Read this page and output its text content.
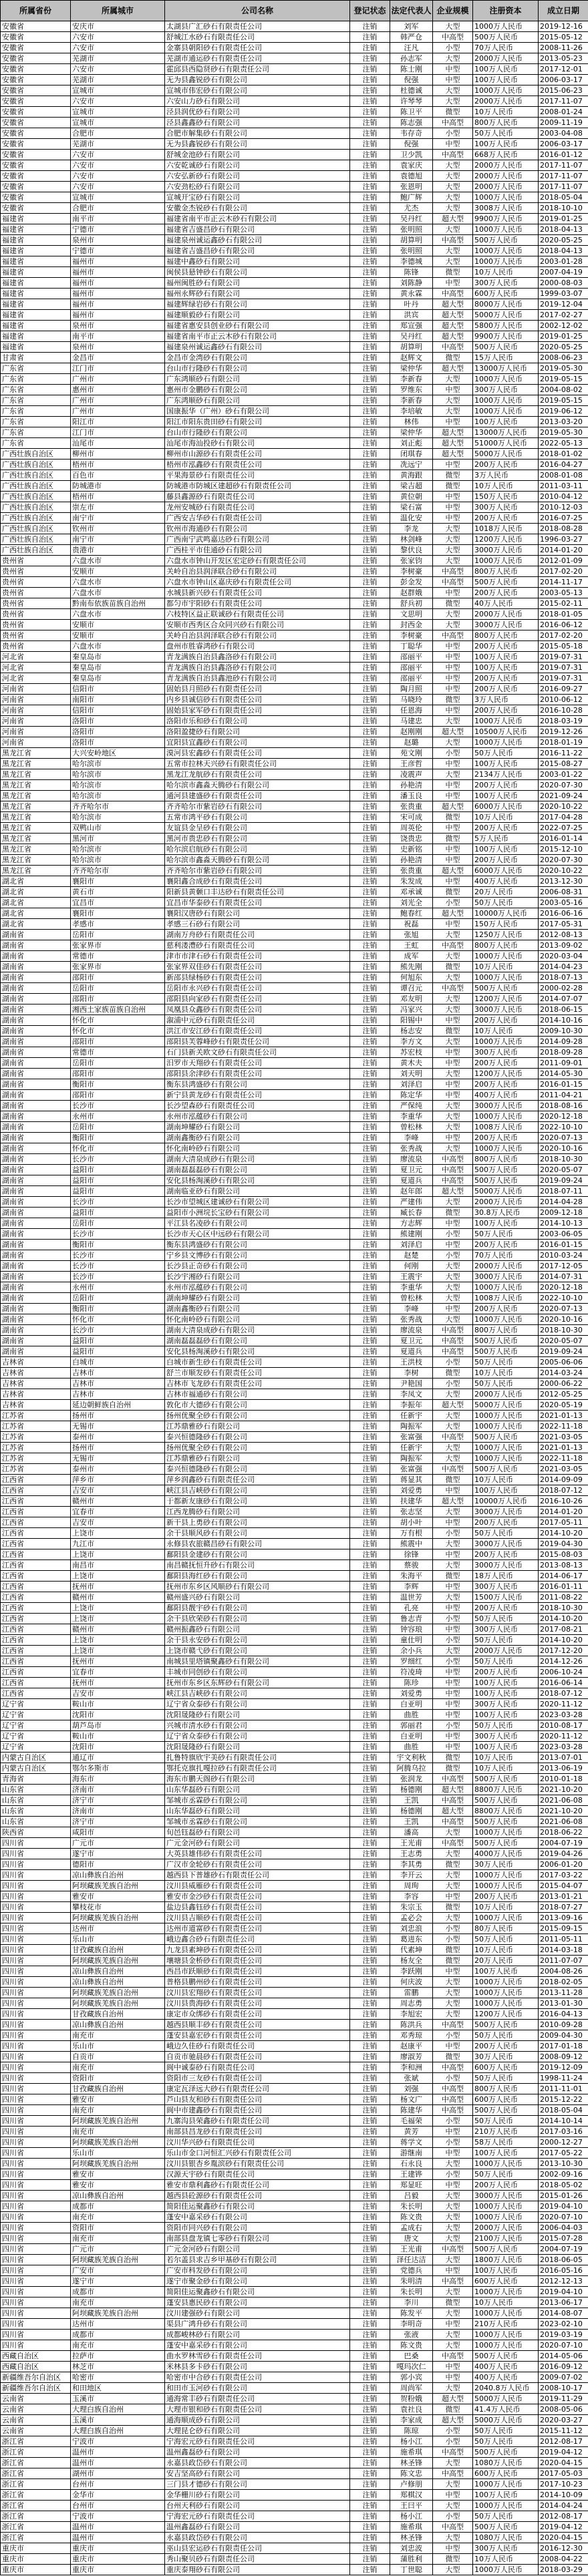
所属省份	所属城市	公司名称	登记状态	法定代表人	企业规模	注册资本	成立日期
安徽省	安庆市	太湖县广汇砂石有限责任公司	注销	刘军	大型	1000万人民币	2019-12-16
安徽省	六安市	舒城江水砂石有限责任公司	注销	韩严仓	中高型	500万人民币	2015-05-12
安徽省	六安市	金寨县朝阳砂石有限责任公司	注销	汪凡	小型	70万人民币	2008-11-26
安徽省	芜湖市	芜湖市通运砂石有限责任公司	注销	孙志军	大型	2000万人民币	2013-05-23
安徽省	六安市	霍邱县西隐贤砂石有限责任公司	注销	陈士刚	中型	100万人民币	2017-12-01
安徽省	芜湖市	无为县鑫锐砂石有限公司	注销	倪强	中型	100万人民币	2006-03-17
安徽省	宣城市	宣城市伟宏砂石有限公司	注销	杜德诚	大型	1000万人民币	2015-06-23
安徽省	六安市	六安山力砂石有限公司	注销	许琴琴	大型	2000万人民币	2017-11-07
安徽省	宣城市	泾县润优砂石有限公司	注销	陈卫平	微型	10万人民币	2008-01-24
安徽省	宣城市	泾县鑫鑫砂石有限公司	注销	陈志强	中高型	800万人民币	2009-11-19
安徽省	合肥市	合肥市解集砂石有限公司	注销	韦存奇	小型	50万人民币	2003-04-08
安徽省	芜湖市	无为县鑫锐砂石有限公司	注销	倪强	中型	100万人民币	2006-03-17
安徽省	六安市	舒城金池砂石有限公司	注销	卫少凯	中高型	668万人民币	2016-01-12
安徽省	六安市	六安乾诚砂石有限公司	注销	袁家庆	大型	2000万人民币	2017-11-07
安徽省	六安市	六安弘新砂石有限公司	注销	袁德旭	大型	2000万人民币	2017-11-07
安徽省	六安市	六安劲松砂石有限公司	注销	张恩明	大型	2000万人民币	2017-11-07
安徽省	宣城市	宣城开宝砂石有限公司	注销	鲍广辉	大型	1000万人民币	2018-05-04
安徽省	合肥市	安徽金杰锐砂石有限公司	注销	尤杰	大型	3008万人民币	2018-10-10
福建省	南平市	福建省南平市正云木砂石有限公司	注销	吴丹红	超大型	9900万人民币	2019-01-25
福建省	宁德市	福建省吉盛昌砂石有限公司	注销	张明照	大型	1000万人民币	2018-04-13
福建省	泉州市	福建泉州诚运鑫砂石有限公司	注销	胡算明	中高型	500万人民币	2020-05-25
福建省	宁德市	福建省吉盛昌砂石有限公司	注销	张明照	大型	1000万人民币	2018-04-13
福建省	福州市	福建中鑫砂石有限公司	注销	李德城	大型	1000万人民币	2003-01-28
福建省	福州市	闽侯县悬钟砂石有限公司	注销	陈锋	微型	10万人民币	2007-04-19
福建省	福州市	福州闽胜砂石有限公司	注销	刘陈静	中型	300万人民币	2000-08-03
福建省	福州市	福州永辉砂石有限公司	注销	黄永霖	中高型	600万人民币	1999-03-07
福建省	福州市	福建辉绿岩砂石有限公司	注销	叶丹	超大型	8000万人民币	2019-12-04
福建省	福州市	福建顺毅砂石有限公司	注销	洪宾	超大型	5000万人民币	2017-02-27
福建省	泉州市	福建省惠安县创业砂石有限公司	注销	郑宣强	超大型	5800万人民币	2002-12-02
福建省	南平市	福建省南平市正云木砂石有限公司	注销	吴丹红	超大型	9900万人民币	2019-01-25
福建省	泉州市	福建泉州诚运鑫砂石有限公司	注销	胡算明	中高型	500万人民币	2020-05-25
甘肃省	金昌市	金昌市金湾砂石有限公司	注销	赵辉文	微型	15万人民币	2008-06-23
广东省	江门市	台山市行隆砂石有限公司	注销	梁仲华	超大型	13000万人民币	2019-05-30
广东省	广州市	广东鸿顺砂石有限公司	注销	李新春	大型	1000万人民币	2019-05-15
广东省	惠州市	惠州市金鹏砂石有限公司	注销	罗维东	中型	300万人民币	2004-08-02
广东省	广州市	广东鸿顺砂石有限公司	注销	李新春	大型	1000万人民币	2019-05-15
广东省	广州市	国康振华（广州）砂石有限公司	注销	李培敏	大型	1000万人民币	2019-06-12
广东省	阳江市	阳江市阳东贵田砂石有限公司	注销	林伟	中型	100万人民币	2013-03-20
广东省	江门市	台山市行隆砂石有限公司	注销	梁仲华	超大型	13000万人民币	2019-05-30
广东省	汕尾市	汕尾市海汕投砂石有限公司	注销	刘正彪	超大型	51000万人民币	2022-05-13
广西壮族自治区	柳州市	柳州市山源砂石有限责任公司	注销	闭琪春	超大型	5000万人民币	2018-01-02
广西壮族自治区	梧州市	梧州市泓鑫砂石有限责任公司	注销	冼远宁	中型	200万人民币	2016-04-27
广西壮族自治区	百色市	平果海景砂石有限责任公司	注销	黄海跟	微型	3万人民币	2008-01-08
广西壮族自治区	防城港市	防城港市防城区建超砂石有限责任公司	注销	梁吉超	微型	10万人民币	2011-03-11
广西壮族自治区	梧州市	藤县鑫源砂石有限责任公司	注销	黄位朝	中型	150万人民币	2010-04-12
广西壮族自治区	崇左市	龙州安城砂石有限责任公司	注销	梁石富	中型	300万人民币	2010-12-03
广西壮族自治区	南宁市	广西安吉华砂石有限责任公司	注销	温化安	中型	200万人民币	2016-07-25
广西壮族自治区	钦州市	钦州市海通砂石有限公司	注销	李龙	大型	1018万人民币	2018-08-28
广西壮族自治区	南宁市	广西南宁武鸣嘉达砂石有限公司	注销	林剑峰	大型	1200万人民币	1996-03-27
广西壮族自治区	贵港市	广西桂平市佳通砂石有限公司	注销	黎伏良	大型	3000万人民币	2014-01-20
贵州省	六盘水市	六盘水市钟山开发区宏定砂石有限责任公司	注销	张家钧	大型	1000万人民币	2012-01-09
贵州省	安顺市	关岭自治县润泽联合砂石有限公司	注销	李树豪	中高型	800万人民币	2017-02-20
贵州省	六盘水市	六盘水市钟山区嘉庆砂石有限责任公司	注销	彭金发	中高型	500万人民币	2014-11-17
贵州省	六盘水市	水城县新兴砂石有限责任公司	注销	赵群娥	中型	200万人民币	2003-05-13
贵州省	黔南布依族苗族自治州	都匀市宇阳砂石有限责任公司	注销	舒兵初	微型	40万人民币	2015-02-11
贵州省	六盘水市	六枝特区益正联诚砂石有限责任公司	注销	文思明	大型	2000万人民币	2018-01-05
贵州省	安顺市	安顺市西秀区合众同兴砂石有限公司	注销	封西金	大型	3000万人民币	2016-06-12
贵州省	安顺市	关岭自治县润泽联合砂石有限公司	注销	李树豪	中高型	800万人民币	2017-02-20
贵州省	六盘水市	盘州市胜睿鸿砂石有限公司	注销	丁聪华	中型	200万人民币	2015-05-18
河北省	秦皇岛市	青龙满族自治县鑫洛砂石有限公司	注销	邵丽平	中型	100万人民币	2019-07-31
河北省	秦皇岛市	青龙满族自治县鑫洛砂石有限公司	注销	邵丽平	中型	100万人民币	2019-07-31
河北省	秦皇岛市	青龙满族自治县鑫池砂石有限公司	注销	邵丽平	中型	200万人民币	2019-07-31
河南省	信阳市	固始县月照砂石有限责任公司	注销	陶月照	中型	200万人民币	2016-09-27
河南省	南阳市	内乡县诚信砂石有限责任公司	注销	马晓玲	微型	3万人民币	2010-06-12
河南省	信阳市	固始县家军砂石有限责任公司	注销	任恩海	中型	200万人民币	2016-10-28
河南省	洛阳市	洛阳市乐和砂石有限公司	注销	马建忠	大型	1000万人民币	2018-03-19
河南省	洛阳市	洛阳盈捷砂石有限公司	注销	赵刚刚	超大型	10500万人民币	2019-12-26
河南省	洛阳市	宜阳县宜鑫砂石有限公司	注销	赵璐	大型	1000万人民币	2018-01-19
黑龙江省	大兴安岭地区	漠河县宏鑫砂石有限责任公司	注销	苑文刚	小型	50万人民币	2016-11-22
黑龙江省	哈尔滨市	五常市拉林天兴砂石有限责任公司	注销	王彦哲	中型	100万人民币	2015-08-27
黑龙江省	哈尔滨市	黑龙江龙航砂石有限责任公司	注销	凌震声	大型	2134万人民币	2003-01-22
黑龙江省	哈尔滨市	哈尔滨市鑫淼天腾砂石有限公司	注销	孙艳清	中型	200万人民币	2020-07-30
黑龙江省	哈尔滨市	通河县建盛砂石有限责任公司	注销	潘玉良	中型	100万人民币	2021-09-24
黑龙江省	齐齐哈尔市	齐齐哈尔市紫岩砂石有限公司	注销	张贵重	超大型	6000万人民币	2020-10-22
黑龙江省	哈尔滨市	五常市鸿平砂石有限公司	注销	宋可成	微型	10万人民币	2017-04-28
黑龙江省	双鸭山市	友谊县金呈砂石有限公司	注销	周英伦	中型	200万人民币	2022-07-25
黑龙江省	黑河市	黑河市贵忠砂石有限公司	注销	饶贵忠	微型	5万人民币	2016-01-14
黑龙江省	哈尔滨市	哈尔滨启航砂石有限公司	注销	史新铭	中型	100万人民币	2015-12-10
黑龙江省	哈尔滨市	哈尔滨市鑫淼天腾砂石有限公司	注销	孙艳清	中型	200万人民币	2020-07-30
黑龙江省	齐齐哈尔市	齐齐哈尔市紫岩砂石有限公司	注销	张贵重	超大型	6000万人民币	2020-10-22
湖北省	襄阳市	襄阳鑫合成砂石有限责任公司	注销	朱发成	中型	400万人民币	2013-12-30
湖北省	黄石市	阳新县黄颡口丰达砂石有限责任公司	注销	邓承诚	微型	20万人民币	2006-08-31
湖北省	宜昌市	宜昌市华泰砂石有限责任公司	注销	刘光全	小型	50万人民币	2003-05-16
湖北省	襄阳市	襄阳汉唐砂石有限公司	注销	鲍春红	超大型	10000万人民币	2016-06-16
湖北省	孝感市	孝感三石砂石有限公司	注销	祝磊	中型	150万人民币	2017-05-31
湖南省	岳阳市	湖南万舟砂石有限责任公司	注销	张旭	大型	1250万人民币	2012-08-13
湖南省	张家界市	慈利溇澧砂石有限责任公司	注销	王虹	中高型	800万人民币	2013-09-02
湖南省	常德市	津市市津石砂石有限责任公司	注销	成军	大型	1000万人民币	2020-03-04
湖南省	张家界市	张家界双佳砂石有限责任公司	注销	熊先刚	微型	10万人民币	2014-04-23
湖南省	邵阳市	新邵县绿杨砂石有限责任公司	注销	何旭东	大型	1000万人民币	2018-07-13
湖南省	岳阳市	岳阳市永兴砂石有限责任公司	注销	谭召元	中高型	500万人民币	2000-02-28
湖南省	邵阳市	邵阳县向家砂石有限责任公司	注销	邓友明	大型	1200万人民币	2014-07-07
湖南省	湘西土家族苗族自治州	凤凰县众鑫砂石有限责任公司	注销	冯家兴	大型	3000万人民币	2018-06-15
湖南省	怀化市	溆浦中元砂石有限责任公司	注销	阳锡中	中型	200万人民币	2014-10-16
湖南省	怀化市	洪江市安江砂石有限责任公司	注销	杨志安	微型	10万人民币	2009-10-30
湖南省	邵阳市	邵阳县芙蓉峰砂石有限责任公司	注销	李方文	大型	1000万人民币	2014-09-28
湖南省	常德市	石门县新关欧文砂石有限责任公司	注销	苏宏枝	中型	300万人民币	2018-09-28
湖南省	岳阳市	汨罗市天翔砂石有限责任公司	注销	黄木夫	中型	200万人民币	2011-09-01
湖南省	邵阳市	邵阳县余津砂石有限责任公司	注销	刘天明	大型	1200万人民币	2014-05-30
湖南省	衡阳市	衡东县鸿盛砂石有限公司	注销	刘泽启	中型	200万人民币	2016-01-15
湖南省	邵阳市	新宁县黄龙砂石有限责任公司	注销	陈定华	中型	400万人民币	2011-04-21
湖南省	长沙市	长沙望森砂石有限责任公司	注销	严保纯	大型	3000万人民币	2018-08-16
湖南省	永州市	永州市泓蕴砂石有限公司	注销	李重华	大型	1000万人民币	2020-12-18
湖南省	岳阳市	湖南坤耀砂石有限公司	注销	曾松林	大型	1008万人民币	2022-10-10
湖南省	衡阳市	湖南鑫衡砂石有限公司	注销	李峰	中型	200万人民币	2020-07-13
湖南省	怀化市	怀化南岭砂石有限公司	注销	张秀战	大型	1000万人民币	2020-10-16
湖南省	长沙市	湖南大清泉成砂石有限公司	注销	廖流泉	中高型	800万人民币	2018-10-30
湖南省	益阳市	湖南磊磊磊砂石有限公司	注销	夏卫元	中高型	500万人民币	2020-05-07
湖南省	益阳市	安化县杨淘溪砂石有限公司	注销	夏道兵	中高型	500万人民币	2019-09-24
湖南省	益阳市	湖南临亚砂石有限公司	注销	赵年郎	超大型	5000万人民币	2018-07-11
湖南省	长沙市	长沙市望城区建诚砂石有限公司	注销	严建伟	大型	2000万人民币	2014-04-28
湖南省	益阳市	益阳市小洲垸长宝砂石有限公司	注销	臧长春	微型	30.8万人民币	2009-12-18
湖南省	岳阳市	平江县名凌砂石有限公司	注销	方志辉	中型	100万人民币	2014-10-13
湖南省	长沙市	长沙市天心区中远砂石有限公司	注销	熊建刚	小型	50万人民币	2003-06-05
湖南省	衡阳市	衡东县鸿盛砂石有限公司	注销	刘泽启	中型	200万人民币	2016-01-15
湖南省	长沙市	宁乡县文博砂石有限公司	注销	赵楚	小型	70万人民币	2010-03-24
湖南省	长沙市	长沙县正奇砂石有限公司	注销	何刚	大型	2000万人民币	2017-12-05
湖南省	长沙市	长沙宇湘砂石有限公司	注销	王震宇	大型	3000万人民币	2014-07-31
湖南省	永州市	永州市泓蕴砂石有限公司	注销	李重华	大型	1000万人民币	2020-12-18
湖南省	岳阳市	湖南坤耀砂石有限公司	注销	曾松林	大型	1008万人民币	2022-10-10
湖南省	衡阳市	湖南鑫衡砂石有限公司	注销	李峰	中型	200万人民币	2020-07-13
湖南省	怀化市	怀化南岭砂石有限公司	注销	张秀战	大型	1000万人民币	2020-10-16
湖南省	长沙市	湖南大清泉成砂石有限公司	注销	廖流泉	中高型	800万人民币	2018-10-30
湖南省	益阳市	湖南磊磊磊砂石有限公司	注销	夏卫元	中高型	500万人民币	2020-05-07
湖南省	益阳市	安化县杨淘溪砂石有限公司	注销	夏道兵	中高型	500万人民币	2019-09-24
吉林省	白城市	白城市新生砂石有限责任公司	注销	王洪枝	小型	50万人民币	2005-06-06
吉林省	吉林市	舒兰市顺发砂石有限责任公司	注销	李树	微型	10万人民币	2014-03-24
吉林省	吉林市	吉林市飞龙砂石有限责任公司	注销	尹艳国	小型	50万人民币	2000-06-22
吉林省	吉林市	吉林市福通砂石有限公司	注销	李凤文	大型	2000万人民币	2012-05-25
吉林省	延边朝鲜族自治州	敦化市大德砂石有限公司	注销	李振年	超大型	5000万人民币	2020-05-19
江苏省	扬州市	扬州优聚全砂石有限公司	注销	任新宇	大型	1000万人民币	2021-01-13
江苏省	无锡市	江苏鼎雅砂石有限公司	注销	陶振军	大型	1000万人民币	2022-11-18
江苏省	泰州市	泰兴恒德隆砂石有限公司	注销	张富强	中高型	500万人民币	2021-03-05
江苏省	扬州市	扬州优聚全砂石有限公司	注销	任新宇	大型	1000万人民币	2021-01-13
江苏省	无锡市	江苏鼎雅砂石有限公司	注销	陶振军	大型	1000万人民币	2022-11-18
江苏省	泰州市	泰兴恒德隆砂石有限公司	注销	张富强	中高型	500万人民币	2021-03-05
江西省	萍乡市	萍乡润鑫砂石有限责任公司	注销	蒋显其	微型	10万人民币	2014-09-09
江西省	吉安市	峡江县吉峡砂石有限公司	注销	刘爱勇	中型	100万人民币	2018-07-12
江西省	赣州市	于都新友康砂石有限公司	注销	扶建华	超大型	10000万人民币	2016-10-26
江西省	宜春市	江西龙腾砂石有限公司	注销	张志坚	大型	3000万人民币	2014-01-20
江西省	吉安市	新干县上勇砂石有限公司	注销	胡小叶	中型	200万人民币	2017-05-11
江西省	上饶市	余干县顺风砂石有限公司	注销	万有根	小型	50万人民币	2014-10-20
江西省	九江市	永修县农旅赣昌砂石有限公司	注销	熊震中	大型	3000万人民币	2019-04-30
江西省	上饶市	鄱阳县金建砂石有限公司	注销	徐锋	中型	200万人民币	2015-08-03
江西省	南昌市	南昌赣抚恒升砂石有限公司	注销	蔡骏	大型	3000万人民币	2013-08-13
江西省	上饶市	鄱阳县海红砂石有限公司	注销	朱海平	微型	18万人民币	2014-06-17
江西省	抚州市	抚州市东乡区风顺砂石有限公司	注销	李辉	中型	300万人民币	2016-01-11
江西省	赣州市	赣州盛兴砂石有限公司	注销	温世芳	大型	1500万人民币	2011-08-22
江西省	上饶市	鄱阳县靓宇砂石有限公司	注销	孔亮	中型	200万人民币	2018-10-30
江西省	上饶市	余干县欣荣砂石有限公司	注销	鲁志青	小型	50万人民币	2014-10-20
江西省	赣州市	赣州振鑫砂石有限公司	注销	钟容琅	中型	300万人民币	2017-08-21
江西省	上饶市	余干县永安砂石有限公司	注销	童仕明	小型	50万人民币	2014-10-20
江西省	上饶市	上饶市赣弋砂石有限公司	注销	余小兵	大型	2000万人民币	2017-12-20
江西省	抚州市	南城县里塔镇聚鑫砂石有限公司	注销	罗细红	小型	50万人民币	2014-12-26
江西省	宜春市	丰城市同创砂石有限公司	注销	符凌琦	中型	200万人民币	2006-10-24
江西省	抚州市	抚州市东乡区东辉砂石有限公司	注销	陈珍	中型	100万人民币	2016-06-14
江西省	吉安市	峡江县吉峡砂石有限公司	注销	刘爱勇	中型	100万人民币	2018-07-12
辽宁省	鞍山市	辽宁省众泰砂石有限公司	注销	白亚明	中型	300万人民币	2020-11-12
辽宁省	沈阳市	沈阳晟隆砂石有限公司	注销	曲胜	中型	100万人民币	2023-03-28
辽宁省	葫芦岛市	兴城市清水砂石有限公司	注销	郭丽君	小型	50万人民币	2010-08-17
辽宁省	鞍山市	辽宁省众泰砂石有限公司	注销	白亚明	中型	300万人民币	2020-11-12
辽宁省	沈阳市	沈阳晟隆砂石有限公司	注销	曲胜	中型	100万人民币	2023-03-28
内蒙古自治区	通辽市	扎鲁特旗欣宇美砂石有限责任公司	注销	宇文利秋	微型	10万人民币	2013-07-01
内蒙古自治区	鄂尔多斯市	鄂托克旗扎嘎拉砂石有限责任公司	注销	阿腾乌拉	微型	10万人民币	2013-06-19
青海省	海东市	海东市鹏天阁砂石有限公司	注销	张润龙	中高型	500万人民币	2010-01-18
山东省	济南市	山东华磊砂石有限公司	注销	杨德刚	超大型	8800万人民币	2021-10-20
山东省	济宁市	邹城市丞霖砂石有限公司	注销	王凯	中高型	500万人民币	2021-06-08
山东省	济南市	山东华磊砂石有限公司	注销	杨德刚	超大型	8800万人民币	2021-10-20
山东省	济宁市	邹城市丞霖砂石有限公司	注销	王凯	中高型	500万人民币	2021-06-08
陕西省	咸阳市	旬邑钰磊砂石有限公司	注销	潘高	大型	1000万人民币	2018-06-22
四川省	广元市	广元金河砂石有限公司	注销	王光甫	中高型	500万人民币	2004-07-19
四川省	遂宁市	大英县雄伟砂石有限责任公司	注销	王志勇	大型	4000万人民币	2019-04-26
四川省	德阳市	广汉市金轮砂石有限责任公司	注销	李其勇	微型	30万人民币	2006-01-20
四川省	凉山彝族自治州	越西县下普雄砂石有限责任公司	注销	李开云	大型	1000万人民币	2017-03-22
四川省	阿坝藏族羌族自治州	汶川县威雁砂石有限责任公司	注销	周珣	大型	1000万人民币	2015-04-07
四川省	雅安市	雅安市金沙砂石有限责任公司	注销	李容	中型	200万人民币	2013-01-21
四川省	攀枝花市	盐边县鑫钰砂石有限责任公司	注销	朱宗玉	微型	10万人民币	2018-07-27
四川省	阿坝藏族羌族自治州	汶川县吉顺砂石有限责任公司	注销	孟必会	大型	1000万人民币	2013-09-16
四川省	达州市	达州市道富砂石有限责任公司	注销	刘忠浪	小型	80万人民币	2015-09-15
四川省	乐山市	峨边鑫合砂石有限责任公司	注销	葛进东	小型	50万人民币	2011-05-11
四川省	甘孜藏族自治州	九龙县素坤砂石有限责任公司	注销	代素坤	微型	10万人民币	2014-03-18
四川省	阿坝藏族羌族自治州	壤塘县金桥砂石有限责任公司	注销	杨友全	微型	20万人民币	2011-07-07
四川省	凉山彝族自治州	西昌市跃顺砂石有限责任公司	注销	李跃刚	中型	100万人民币	2004-08-26
四川省	凉山彝族自治州	普格县鹏州砂石有限责任公司	注销	何庆波	大型	1000万人民币	2018-02-05
四川省	阿坝藏族羌族自治州	汶川县宏翔砂石有限责任公司	注销	雷鹏	大型	1000万人民币	2013-11-28
四川省	阿坝藏族羌族自治州	汶川县贵海砂石有限责任公司	注销	周志勇	大型	1000万人民币	2013-01-30
四川省	甘孜藏族自治州	康定市众绑砂石有限责任公司	注销	李旭宏	大型	1200万人民币	2016-04-13
四川省	凉山彝族自治州	越西县顺丰砂石有限责任公司	注销	陈洪兵	中高型	500万人民币	2010-09-28
四川省	南充市	蓬安县嘉宏砂石有限责任公司	注销	邓秀琼	小型	50万人民币	2009-04-30
四川省	乐山市	峨边久佳砂石有限责任公司	注销	赵康平	中型	200万人民币	2017-01-18
四川省	自贡市	自贡市驰晨砂石有限责任公司	注销	廖淑芳	微型	30万人民币	2008-09-12
四川省	南充市	阆中诚泰砂石有限责任公司	注销	李和洲	中高型	600万人民币	2019-12-09
四川省	资阳市	资阳市三友砂石有限责任公司	注销	张斌	小型	50万人民币	1998-11-24
四川省	甘孜藏族自治州	康定瓦泽远大砂石有限责任公司	注销	刘强	中高型	800万人民币	2011-11-01
四川省	雅安市	芦山县友和砂石有限责任公司	注销	杨文广	中高型	600万人民币	2015-12-22
四川省	南充市	阆中市建鑫砂石有限责任公司	注销	陈建华	中高型	500万人民币	2018-05-04
四川省	阿坝藏族羌族自治州	九寨沟县荣鑫砂石有限责任公司	注销	毛福荣	小型	50万人民币	2014-10-14
四川省	南充市	南部县昌龙砂石有限责任公司	注销	黄芳	中型	210万人民币	2017-03-16
四川省	阿坝藏族羌族自治州	汶川华兴砂石有限责任公司	注销	蒋学文	小型	58万人民币	2000-12-27
四川省	乐山市	乐山市金口河恒汇兴砂石有限责任公司	注销	游继南	中型	100万人民币	2017-05-22
四川省	阿坝藏族羌族自治州	汶川县银杏乡胤滨砂石有限责任公司	注销	石永良	大型	1000万人民币	2013-10-30
四川省	雅安市	汉源天宇砂石有限责任公司	注销	王建铧	小型	50万人民币	2002-09-16
四川省	雅安市	雅安市鼎利鑫砂石有限责任公司	注销	郑显旺	中型	200万人民币	2018-05-02
四川省	凉山彝族自治州	越西县砼源砂石有限责任公司	注销	吕毅	大型	3000万人民币	2015-01-26
四川省	成都市	简阳佳运聚鑫砂石有限公司	注销	朱长明	大型	1000万人民币	2019-04-10
四川省	南充市	蓬安中嘉采砂石有限公司	注销	陈文贵	大型	1000万人民币	2020-07-10
四川省	资阳市	资阳市同兴砂石有限公司	注销	孟成右	大型	2000万人民币	2006-04-03
四川省	南充市	南部县盘龙镇七零砂石有限公司	注销	唐文	大型	2100万人民币	2015-07-28
四川省	广元市	广元金河砂石有限公司	注销	王光甫	中高型	500万人民币	2004-07-19
四川省	阿坝藏族羌族自治州	若尔盖县求吉乡甲基砂石有限公司	注销	泽任达洁	大型	1800万人民币	2018-06-05
四川省	广安市	广安市科发砂石有限公司	注销	党德兵	中型	100万人民币	2016-05-16
四川省	遂宁市	遂宁市聚金砂石有限公司	注销	朱明清	中高型	600万人民币	2012-12-13
四川省	成都市	简阳佳运聚鑫砂石有限公司	注销	朱长明	大型	1000万人民币	2019-04-10
四川省	南充市	蓬安县惠民砂石有限公司	注销	李川	微型	10万人民币	2013-06-17
四川省	阿坝藏族羌族自治州	汶川建强砂石有限公司	注销	陈发平	大型	1000万人民币	2014-08-07
四川省	达州市	渠县广鸿升砂石有限公司	注销	李明奇	中型	210万人民币	2023-02-10
四川省	成都市	成都峻林砂石有限公司	注销	张液	大型	1000万人民币	2019-03-19
四川省	南充市	蓬安中嘉采砂石有限公司	注销	陈文贵	大型	1000万人民币	2020-07-10
西藏自治区	拉萨市	曲水罗林雪砂石有限责任公司	注销	巴桑	中高型	500万人民币	2014-05-06
西藏自治区	林芝市	米林县多卡砂石有限公司	注销	嘎玛次仁	中型	400万人民币	2016-09-12
新疆维吾尔自治区	哈密市	哈密市中合砂石有限责任公司	注销	郭小宾	中型	400万人民币	2009-07-02
新疆维吾尔自治区	和田地区	和田市玉河砂石有限公司	注销	周尚军	大型	2040.8万人民币	2008-10-17
云南省	玉溪市	通海常丰砂石有限责任公司	注销	贺粉娥	超大型	5000万人民币	2019-11-29
云南省	大理白族自治州	大理市银和砂石有限责任公司	注销	袁社良	微型	41.4万人民币	2008-05-06
云南省	玉溪市	通海顺成砂石有限公司	注销	李家成	超大型	5000万人民币	2020-03-27
云南省	大理白族自治州	大理昆仑砂石有限公司	注销	陈琼	小型	50万人民币	2015-11-12
浙江省	宁波市	宁海宏元砂石有限责任公司	注销	杨小江	小型	50万人民币	2012-08-17
浙江省	温州市	温州鑫磊砂石有限公司	注销	施希琪	中高型	500万人民币	2019-04-12
浙江省	温州市	永嘉县政岱砂石有限公司	注销	林圣锋	大型	1080万人民币	2020-04-15
浙江省	湖州市	安吉坚高砂石有限公司	注销	陈文忠	中高型	600万人民币	2017-05-03
浙江省	台州市	三门县才德砂石有限公司	注销	卢修朋	大型	1000万人民币	2017-10-23
浙江省	金华市	金华栅川砂石有限公司	注销	郑棋汉	中型	100万人民币	2014-10-09
浙江省	台州市	台州天利砂石有限公司	注销	王曰平	大型	1000万人民币	2014-04-24
浙江省	宁波市	宁海宏元砂石有限责任公司	注销	杨小江	小型	50万人民币	2012-08-17
浙江省	温州市	温州鑫磊砂石有限公司	注销	施希琪	中高型	500万人民币	2019-04-12
浙江省	温州市	永嘉县政岱砂石有限公司	注销	林圣锋	大型	1080万人民币	2020-04-15
重庆市	重庆市	巫山县宏运砂石有限责任公司	注销	刘忠波	中型	300万人民币	2016-12-30
重庆市	重庆市	秀山聚贝砂石有限责任公司	注销	蒲胜利	微型	10万人民币	2008-04-22
重庆市	重庆市	重庆泰翔砂石有限公司	注销	丁世聪	大型	1000万人民币	2018-03-29
